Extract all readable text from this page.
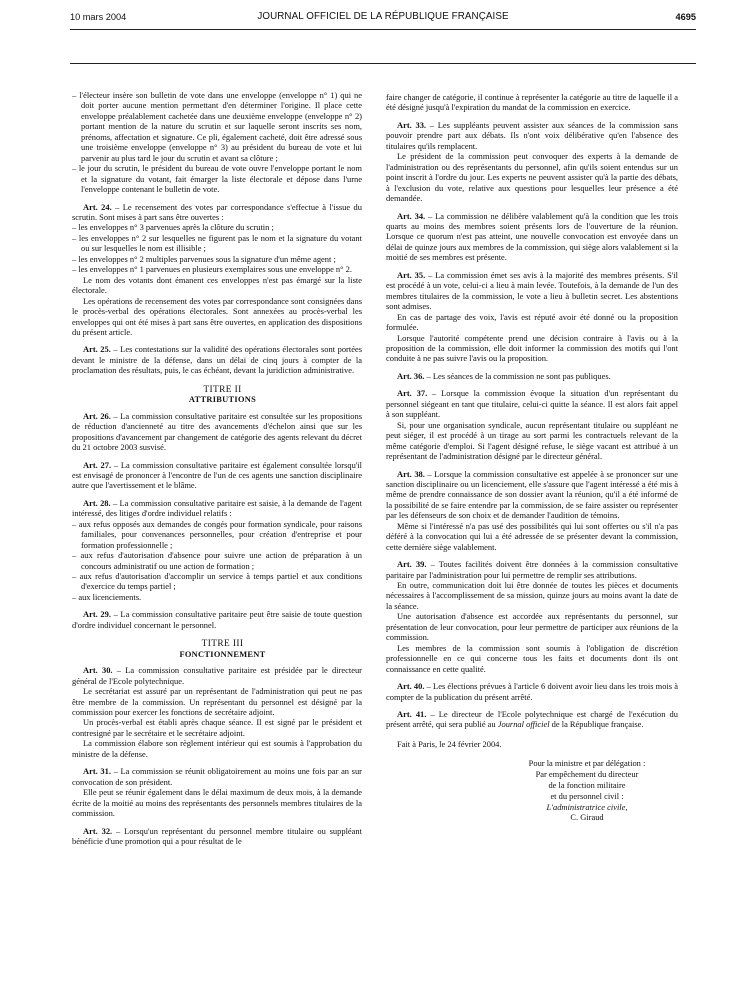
10 mars 2004	JOURNAL OFFICIEL DE LA RÉPUBLIQUE FRANÇAISE	4695

– l'électeur insère son bulletin de vote dans une enveloppe (enveloppe n° 1) qui ne doit porter aucune mention permettant d'en déterminer l'origine. Il place cette enveloppe préalablement cachetée dans une deuxième enveloppe (enveloppe n° 2) portant mention de la nature du scrutin et sur laquelle seront inscrits ses nom, prénoms, affectation et signature. Ce pli, également cacheté, doit être adressé sous une troisième enveloppe (enveloppe n° 3) au président du bureau de vote et lui parvenir au plus tard le jour du scrutin et avant sa clôture ;

– le jour du scrutin, le président du bureau de vote ouvre l'enveloppe portant le nom et la signature du votant, fait émarger la liste électorale et dépose dans l'urne l'enveloppe contenant le bulletin de vote.

Art. 24. – Le recensement des votes par correspondance s'effectue à l'issue du scrutin. Sont mises à part sans être ouvertes :

– les enveloppes n° 3 parvenues après la clôture du scrutin ;

– les enveloppes n° 2 sur lesquelles ne figurent pas le nom et la signature du votant ou sur lesquelles le nom est illisible ;

– les enveloppes n° 2 multiples parvenues sous la signature d'un même agent ;

– les enveloppes n° 1 parvenues en plusieurs exemplaires sous une enveloppe n° 2.

Le nom des votants dont émanent ces enveloppes n'est pas émargé sur la liste électorale.

Les opérations de recensement des votes par correspondance sont consignées dans le procès-verbal des opérations électorales. Sont annexées au procès-verbal les enveloppes qui ont été mises à part sans être ouvertes, en application des dispositions du présent article.

Art. 25. – Les contestations sur la validité des opérations électorales sont portées devant le ministre de la défense, dans un délai de cinq jours à compter de la proclamation des résultats, puis, le cas échéant, devant la juridiction administrative.

TITRE II

ATTRIBUTIONS

Art. 26. – La commission consultative paritaire est consultée sur les propositions de réduction d'ancienneté au titre des avancements d'échelon ainsi que sur les propositions d'avancement par changement de catégorie des agents relevant du décret du 21 octobre 2003 susvisé.

Art. 27. – La commission consultative paritaire est également consultée lorsqu'il est envisagé de prononcer à l'encontre de l'un de ces agents une sanction disciplinaire autre que l'avertissement et le blâme.

Art. 28. – La commission consultative paritaire est saisie, à la demande de l'agent intéressé, des litiges d'ordre individuel relatifs :

– aux refus opposés aux demandes de congés pour formation syndicale, pour raisons familiales, pour convenances personnelles, pour création d'entreprise et pour formation professionnelle ;

– aux refus d'autorisation d'absence pour suivre une action de préparation à un concours administratif ou une action de formation ;

– aux refus d'autorisation d'accomplir un service à temps partiel et aux conditions d'exercice du temps partiel ;

– aux licenciements.

Art. 29. – La commission consultative paritaire peut être saisie de toute question d'ordre individuel concernant le personnel.

TITRE III

FONCTIONNEMENT

Art. 30. – La commission consultative paritaire est présidée par le directeur général de l'Ecole polytechnique.

Le secrétariat est assuré par un représentant de l'administration qui peut ne pas être membre de la commission. Un représentant du personnel est désigné par la commission pour exercer les fonctions de secrétaire adjoint.

Un procès-verbal est établi après chaque séance. Il est signé par le président et contresigné par le secrétaire et le secrétaire adjoint.

La commission élabore son règlement intérieur qui est soumis à l'approbation du ministre de la défense.

Art. 31. – La commission se réunit obligatoirement au moins une fois par an sur convocation de son président.

Elle peut se réunir également dans le délai maximum de deux mois, à la demande écrite de la moitié au moins des représentants des personnels membres titulaires de la commission.

Art. 32. – Lorsqu'un représentant du personnel membre titulaire ou suppléant bénéficie d'une promotion qui a pour résultat de le

faire changer de catégorie, il continue à représenter la catégorie au titre de laquelle il a été désigné jusqu'à l'expiration du mandat de la commission en exercice.

Art. 33. – Les suppléants peuvent assister aux séances de la commission sans pouvoir prendre part aux débats. Ils n'ont voix délibérative qu'en l'absence des titulaires qu'ils remplacent.

Le président de la commission peut convoquer des experts à la demande de l'administration ou des représentants du personnel, afin qu'ils soient entendus sur un point inscrit à l'ordre du jour. Les experts ne peuvent assister qu'à la partie des débats, à l'exclusion du vote, relative aux questions pour lesquelles leur présence a été demandée.

Art. 34. – La commission ne délibère valablement qu'à la condition que les trois quarts au moins des membres soient présents lors de l'ouverture de la réunion. Lorsque ce quorum n'est pas atteint, une nouvelle convocation est envoyée dans un délai de quinze jours aux membres de la commission, qui siège alors valablement si la moitié de ses membres est présente.

Art. 35. – La commission émet ses avis à la majorité des membres présents. S'il est procédé à un vote, celui-ci a lieu à main levée. Toutefois, à la demande de l'un des membres titulaires de la commission, le vote a lieu à bulletin secret. Les abstentions sont admises.

En cas de partage des voix, l'avis est réputé avoir été donné ou la proposition formulée.

Lorsque l'autorité compétente prend une décision contraire à l'avis ou à la proposition de la commission, elle doit informer la commission des motifs qui l'ont conduite à ne pas suivre l'avis ou la proposition.

Art. 36. – Les séances de la commission ne sont pas publiques.

Art. 37. – Lorsque la commission évoque la situation d'un représentant du personnel siégeant en tant que titulaire, celui-ci quitte la séance. Il est alors fait appel à son suppléant.

Si, pour une organisation syndicale, aucun représentant titulaire ou suppléant ne peut siéger, il est procédé à un tirage au sort parmi les contractuels relevant de la même catégorie d'emploi. Si l'agent désigné refuse, le siège vacant est attribué à un représentant de l'administration désigné par le directeur général.

Art. 38. – Lorsque la commission consultative est appelée à se prononcer sur une sanction disciplinaire ou un licenciement, elle s'assure que l'agent intéressé a été mis à même de prendre connaissance de son dossier avant la réunion, qu'il a été informé de la possibilité de se faire entendre par la commission, de se faire assister ou représenter par les défenseurs de son choix et de demander l'audition de témoins.

Même si l'intéressé n'a pas usé des possibilités qui lui sont offertes ou s'il n'a pas déféré à la convocation qui lui a été adressée de se présenter devant la commission, cette dernière siège valablement.

Art. 39. – Toutes facilités doivent être données à la commission consultative paritaire par l'administration pour lui permettre de remplir ses attributions.

En outre, communication doit lui être donnée de toutes les pièces et documents nécessaires à l'accomplissement de sa mission, quinze jours au moins avant la date de la séance.

Une autorisation d'absence est accordée aux représentants du personnel, sur présentation de leur convocation, pour leur permettre de participer aux réunions de la commission.

Les membres de la commission sont soumis à l'obligation de discrétion professionnelle en ce qui concerne tous les faits et documents dont ils ont connaissance en cette qualité.

Art. 40. – Les élections prévues à l'article 6 doivent avoir lieu dans les trois mois à compter de la publication du présent arrêté.

Art. 41. – Le directeur de l'Ecole polytechnique est chargé de l'exécution du présent arrêté, qui sera publié au Journal officiel de la République française.

Fait à Paris, le 24 février 2004.

Pour la ministre et par délégation :
Par empêchement du directeur
de la fonction militaire
et du personnel civil :
L'administratrice civile,
C. Giraud
